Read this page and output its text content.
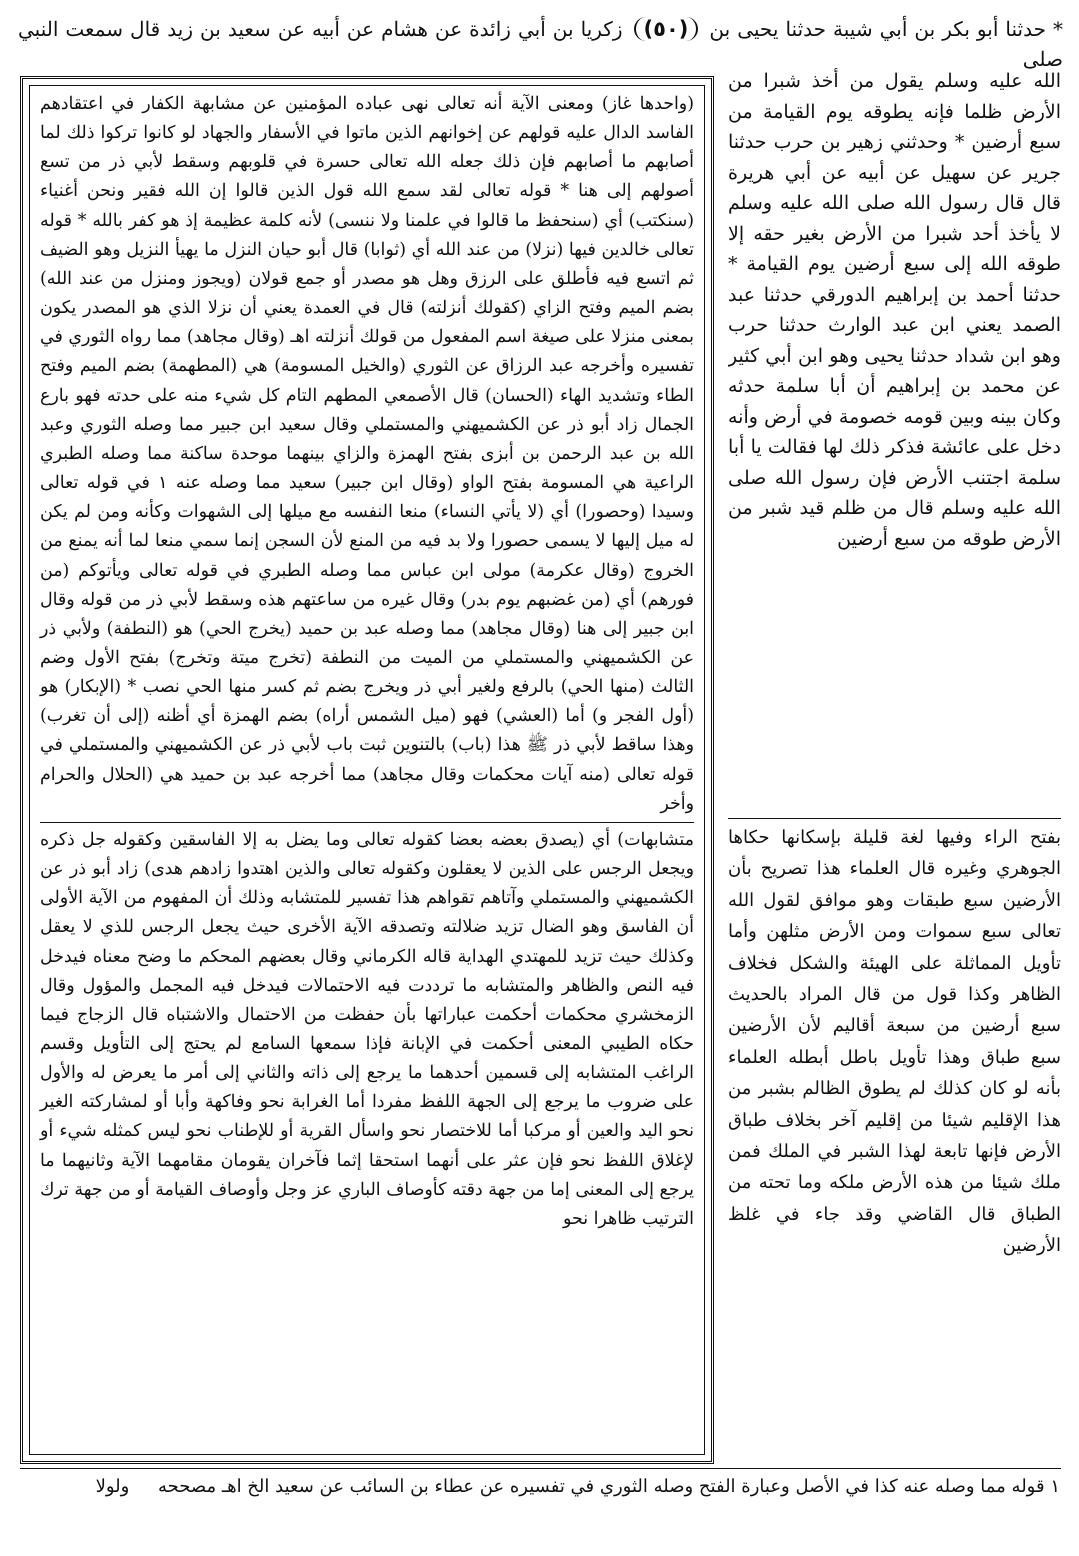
* حدثنا أبو بكر بن أبي شيبة حدثنا يحيى بن (٥٠) زكريا بن أبي زائدة عن هشام عن أبيه عن سعيد بن زيد قال سمعت النبي صلى

(واحدها غاز) ومعنى الآية أنه تعالى نهى عباده المؤمنين عن مشابهة الكفار في اعتقادهم الفاسد الدال عليه قولهم عن إخوانهم الذين ماتوا في الأسفار والجهاد لو كانوا تركوا ذلك لما أصابهم ما أصابهم فإن ذلك جعله الله تعالى حسرة في قلوبهم وسقط لأبي ذر من تسع أصولهم إلى هنا * قوله تعالى لقد سمع الله قول الذين قالوا إن الله فقير ونحن أغنياء (سنكتب) أي (سنحفظ ما قالوا في علمنا ولا ننسى) لأنه كلمة عظيمة إذ هو كفر بالله * قوله تعالى خالدين فيها (نزلا) من عند الله أي (ثوابا) قال أبو حيان النزل ما يهيأ النزيل وهو الضيف ثم اتسع فيه فأطلق على الرزق وهل هو مصدر أو جمع قولان (ويجوز ومنزل من عند الله) بضم الميم وفتح الزاي (كقولك أنزلته) قال في العمدة يعني أن نزلا الذي هو المصدر يكون بمعنى منزلا على صيغة اسم المفعول من قولك أنزلته اهـ (وقال مجاهد) مما رواه الثوري في تفسيره وأخرجه عبد الرزاق عن الثوري (والخيل المسومة) هي (المطهمة) بضم الميم وفتح الطاء وتشديد الهاء (الحسان) قال الأصمعي المطهم التام كل شيء منه على حدته فهو بارع الجمال زاد أبو ذر عن الكشميهني والمستملي وقال سعيد ابن جبير مما وصله الثوري وعبد الله بن عبد الرحمن بن أبزى بفتح الهمزة والزاي بينهما موحدة ساكنة مما وصله الطبري الراعية هي المسومة بفتح الواو (وقال ابن جبير) سعيد مما وصله عنه ١ في قوله تعالى وسيدا (وحصورا) أي (لا يأتي النساء) منعا النفسه مع ميلها إلى الشهوات وكأنه ومن لم يكن له ميل إليها لا يسمى حصورا ولا بد فيه من المنع لأن السجن إنما سمي منعا لما أنه يمنع من الخروج (وقال عكرمة) مولى ابن عباس مما وصله الطبري في قوله تعالى ويأتوكم (من فورهم) أي (من غضبهم يوم بدر) وقال غيره من ساعتهم هذه وسقط لأبي ذر من قوله وقال ابن جبير إلى هنا (وقال مجاهد) مما وصله عبد بن حميد (يخرج الحي) هو (النطفة) ولأبي ذر عن الكشميهني والمستملي من الميت من النطفة (تخرج ميتة وتخرج) بفتح الأول وضم الثالث (منها الحي) بالرفع ولغير أبي ذر ويخرج بضم ثم كسر منها الحي نصب * (الإبكار) هو (أول الفجر و) أما (العشي) فهو (ميل الشمس أراه) بضم الهمزة أي أظنه (إلى أن تغرب) وهذا ساقط لأبي ذر ﷺ هذا (باب) بالتنوين ثبت باب لأبي ذر عن الكشميهني والمستملي في قوله تعالى (منه آيات محكمات وقال مجاهد) مما أخرجه عبد بن حميد هي (الحلال والحرام وأخر

متشابهات) أي (يصدق بعضه بعضا كقوله تعالى وما يضل به إلا الفاسقين وكقوله جل ذكره ويجعل الرجس على الذين لا يعقلون وكقوله تعالى والذين اهتدوا زادهم هدى) زاد أبو ذر عن الكشميهني والمستملي وآتاهم تقواهم هذا تفسير للمتشابه وذلك أن المفهوم من الآية الأولى أن الفاسق وهو الضال تزيد ضلالته وتصدقه الآية الأخرى حيث يجعل الرجس للذي لا يعقل وكذلك حيث تزيد للمهتدي الهداية قاله الكرماني وقال بعضهم المحكم ما وضح معناه فيدخل فيه النص والظاهر والمتشابه ما ترددت فيه الاحتمالات فيدخل فيه المجمل والمؤول وقال الزمخشري محكمات أحكمت عباراتها بأن حفظت من الاحتمال والاشتباه قال الزجاج فيما حكاه الطيبي المعنى أحكمت في الإبانة فإذا سمعها السامع لم يحتج إلى التأويل وقسم الراغب المتشابه إلى قسمين أحدهما ما يرجع إلى ذاته والثاني إلى أمر ما يعرض له والأول على ضروب ما يرجع إلى الجهة اللفظ مفردا أما الغرابة نحو وفاكهة وأبا أو لمشاركته الغير نحو اليد والعين أو مركبا أما للاختصار نحو واسأل القرية أو للإطناب نحو ليس كمثله شيء أو لإغلاق اللفظ نحو فإن عثر على أنهما استحقا إثما فآخران يقومان مقامهما الآية وثانيهما ما يرجع إلى المعنى إما من جهة دقته كأوصاف الباري عز وجل وأوصاف القيامة أو من جهة ترك الترتيب ظاهرا نحو

الله عليه وسلم يقول من أخذ شبرا من الأرض ظلما فإنه يطوقه يوم القيامة من سبع أرضين * وحدثني زهير بن حرب حدثنا جرير عن سهيل عن أبيه عن أبي هريرة قال قال رسول الله صلى الله عليه وسلم لا يأخذ أحد شبرا من الأرض بغير حقه إلا طوقه الله إلى سبع أرضين يوم القيامة * حدثنا أحمد بن إبراهيم الدورقي حدثنا عبد الصمد يعني ابن عبد الوارث حدثنا حرب وهو ابن شداد حدثنا يحيى وهو ابن أبي كثير عن محمد بن إبراهيم أن أبا سلمة حدثه وكان بينه وبين قومه خصومة في أرض وأنه دخل على عائشة فذكر ذلك لها فقالت يا أبا سلمة اجتنب الأرض فإن رسول الله صلى الله عليه وسلم قال من ظلم قيد شبر من الأرض طوقه من سبع أرضين

بفتح الراء وفيها لغة قليلة بإسكانها حكاها الجوهري وغيره قال العلماء هذا تصريح بأن الأرضين سبع طبقات وهو موافق لقول الله تعالى سبع سموات ومن الأرض مثلهن وأما تأويل المماثلة على الهيئة والشكل فخلاف الظاهر وكذا قول من قال المراد بالحديث سبع أرضين من سبعة أقاليم لأن الأرضين سبع طباق وهذا تأويل باطل أبطله العلماء بأنه لو كان كذلك لم يطوق الظالم بشبر من هذا الإقليم شيئا من إقليم آخر بخلاف طباق الأرض فإنها تابعة لهذا الشبر في الملك فمن ملك شيئا من هذه الأرض ملكه وما تحته من الطباق قال القاضي وقد جاء في غلظ الأرضين

١ قوله مما وصله عنه كذا في الأصل وعبارة الفتح وصله الثوري في تفسيره عن عطاء بن السائب عن سعيد الخ اهـ مصححه     ولولا
